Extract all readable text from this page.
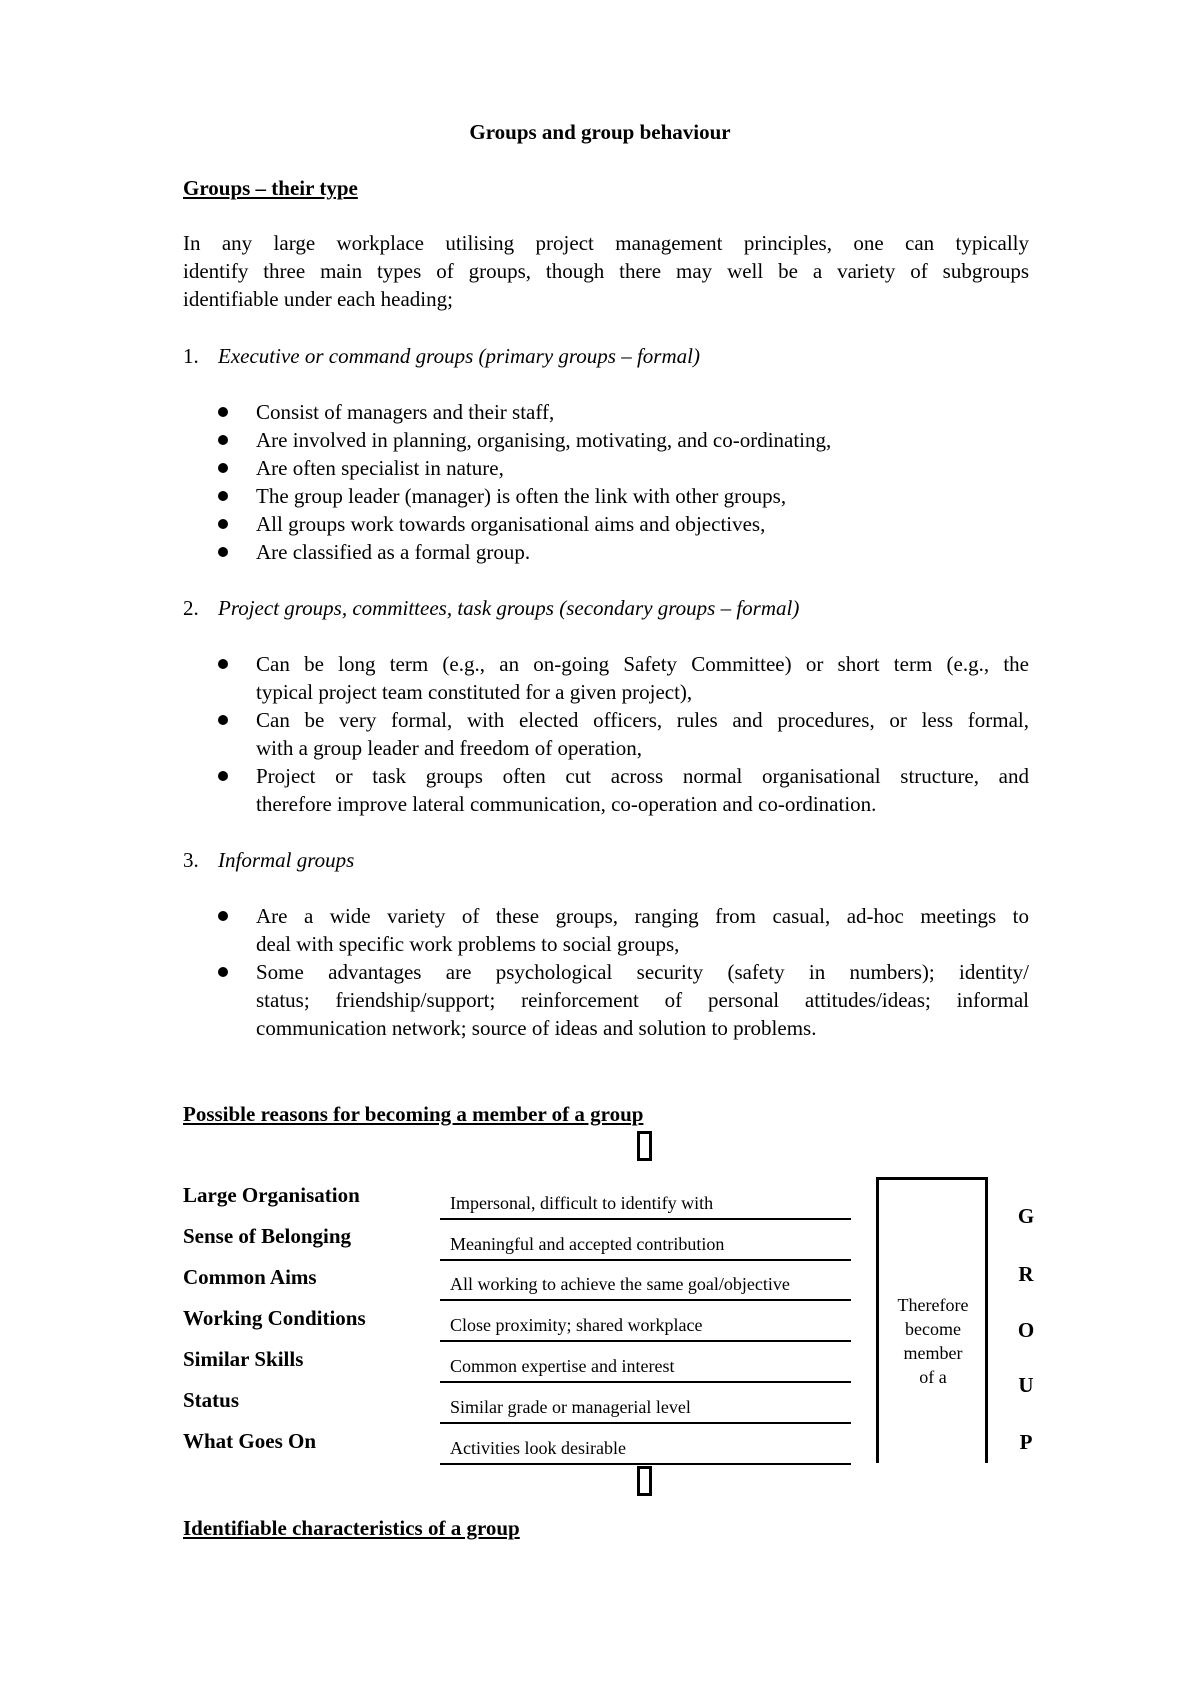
Groups and group behaviour
Groups – their type
In any large workplace utilising project management principles, one can typically
identify three main types of groups, though there may well be a variety of subgroups
identifiable under each heading;
1. Executive or command groups (primary groups – formal)
Consist of managers and their staff,
Are involved in planning, organising, motivating, and co-ordinating,
Are often specialist in nature,
The group leader (manager) is often the link with other groups,
All groups work towards organisational aims and objectives,
Are classified as a formal group.
2. Project groups, committees, task groups (secondary groups – formal)
Can be long term (e.g., an on-going Safety Committee) or short term (e.g., the
typical project team constituted for a given project),
Can be very formal, with elected officers, rules and procedures, or less formal,
with a group leader and freedom of operation,
Project or task groups often cut across normal organisational structure, and
therefore improve lateral communication, co-operation and co-ordination.
3. Informal groups
Are a wide variety of these groups, ranging from casual, ad-hoc meetings to
deal with specific work problems to social groups,
Some advantages are psychological security (safety in numbers); identity/
status; friendship/support; reinforcement of personal attitudes/ideas; informal
communication network; source of ideas and solution to problems.
Possible reasons for becoming a member of a group
Large Organisation
Sense of Belonging
Common Aims
Working Conditions
Similar Skills
Status
What Goes On
Impersonal, difficult to identify with
Meaningful and accepted contribution
All working to achieve the same goal/objective
Close proximity; shared workplace
Common expertise and interest
Similar grade or managerial level
Activities look desirable
Therefore
become
member
of a
G
R
O
U
P
Identifiable characteristics of a group
